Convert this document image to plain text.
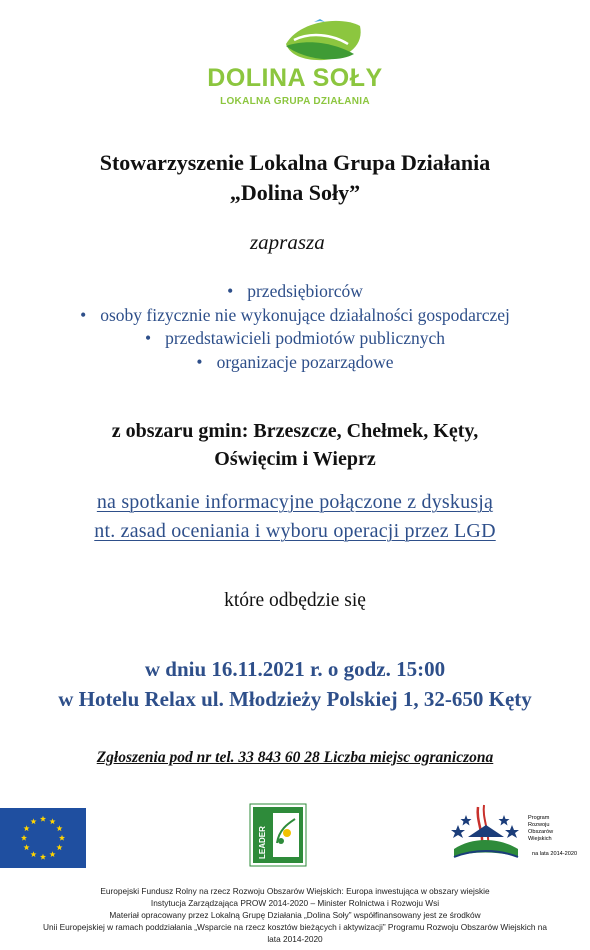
DOLINA SOŁY
LOKALNA GRUPA DZIAŁANIA
Stowarzyszenie Lokalna Grupa Działania
„Dolina Soły”
zaprasza
• przedsiębiorców
• osoby fizycznie nie wykonujące działalności gospodarczej
• przedstawicieli podmiotów publicznych
• organizacje pozarządowe
z obszaru gmin: Brzeszcze, Chełmek, Kęty,
Oświęcim i Wieprz
na spotkanie informacyjne połączone z dyskusją
nt. zasad oceniania i wyboru operacji przez LGD
które odbędzie się
w dniu 16.11.2021 r. o godz. 15:00
w Hotelu Relax ul. Młodzieży Polskiej 1, 32-650 Kęty
Zgłoszenia pod nr tel. 33 843 60 28 Liczba miejsc ograniczona
LEADER
Program
Rozwoju
Obszarów
Wiejskich
na lata 2014-2020
Europejski Fundusz Rolny na rzecz Rozwoju Obszarów Wiejskich: Europa inwestująca w obszary wiejskie
Instytucja Zarządzająca PROW 2014-2020 – Minister Rolnictwa i Rozwoju Wsi
Materiał opracowany przez Lokalną Grupę Działania „Dolina Soły” współfinansowany jest ze środków
Unii Europejskiej w ramach poddziałania „Wsparcie na rzecz kosztów bieżących i aktywizacji” Programu Rozwoju Obszarów Wiejskich na
lata 2014-2020
